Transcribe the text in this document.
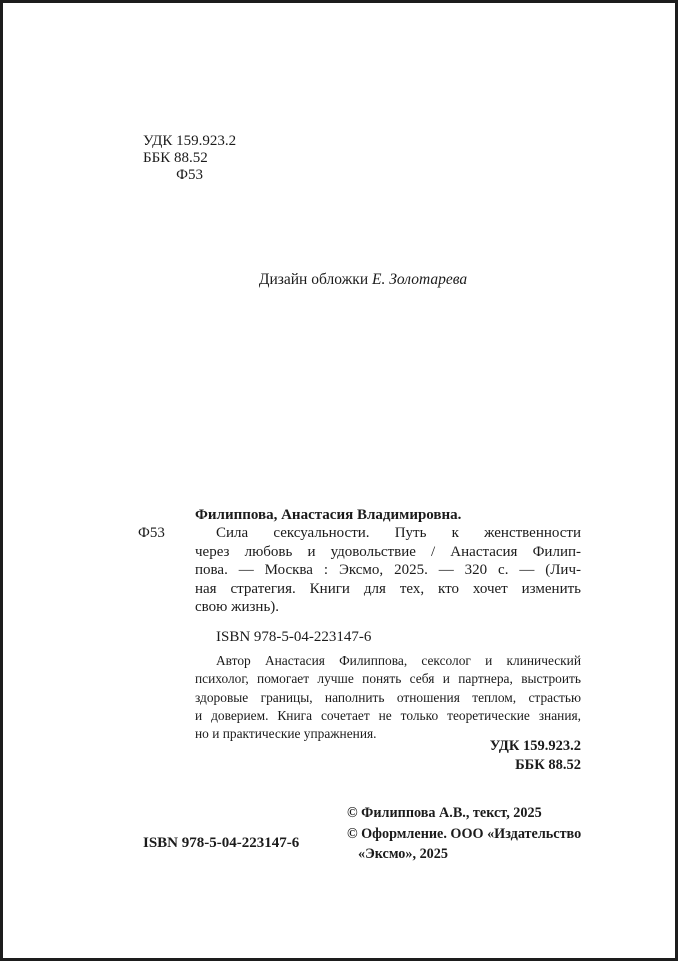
УДК 159.923.2
ББК 88.52
Ф53
Дизайн обложки Е. Золотарева
Филиппова, Анастасия Владимировна.
Ф53	Сила сексуальности. Путь к женственности
через любовь и удовольствие / Анастасия Филип-
пова. — Москва : Эксмо, 2025. — 320 с. — (Лич-
ная стратегия. Книги для тех, кто хочет изменить
свою жизнь).
ISBN 978-5-04-223147-6
Автор Анастасия Филиппова, сексолог и клинический
психолог, помогает лучше понять себя и партнера, выстроить
здоровые границы, наполнить отношения теплом, страстью
и доверием. Книга сочетает не только теоретические знания,
но и практические упражнения.
УДК 159.923.2
ББК 88.52
ISBN 978-5-04-223147-6
© Филиппова А.В., текст, 2025
© Оформление. ООО «Издательство
«Эксмо», 2025
